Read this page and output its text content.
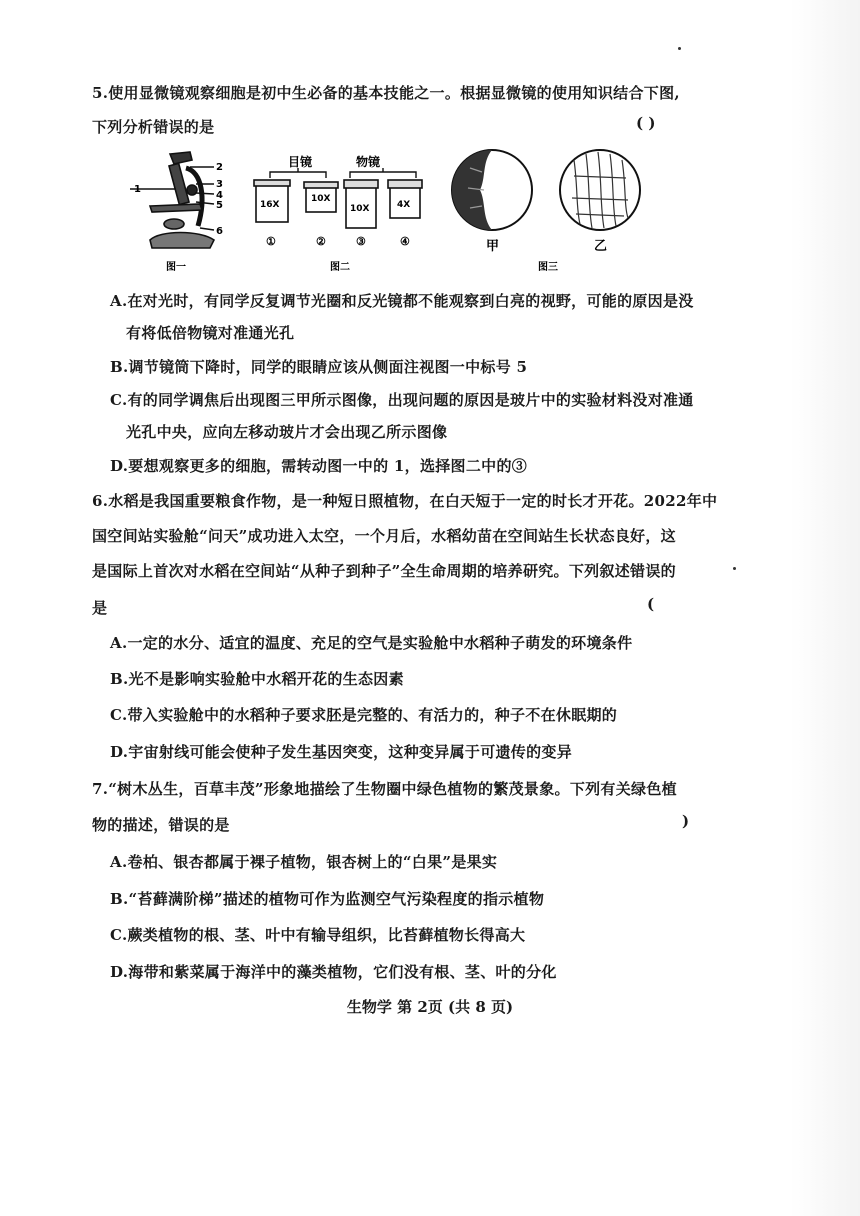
5.使用显微镜观察细胞是初中生必备的基本技能之一。根据显微镜的使用知识结合下图,
下列分析错误的是	( )
1
2
3
4
5
6
图一
目镜	物镜
16X
10X
10X	4X
①	②	③	④
图二
甲	乙
图三
A.在对光时，有同学反复调节光圈和反光镜都不能观察到白亮的视野，可能的原因是没
有将低倍物镜对准通光孔
B.调节镜筒下降时，同学的眼睛应该从侧面注视图一中标号 5
C.有的同学调焦后出现图三甲所示图像，出现问题的原因是玻片中的实验材料没对准通
光孔中央，应向左移动玻片才会出现乙所示图像
D.要想观察更多的细胞，需转动图一中的 1，选择图二中的③
6.水稻是我国重要粮食作物，是一种短日照植物，在白天短于一定的时长才开花。2022年中
国空间站实验舱“问天”成功进入太空，一个月后，水稻幼苗在空间站生长状态良好，这
是国际上首次对水稻在空间站“从种子到种子”全生命周期的培养研究。下列叙述错误的
是	(
A.一定的水分、适宜的温度、充足的空气是实验舱中水稻种子萌发的环境条件
B.光不是影响实验舱中水稻开花的生态因素
C.带入实验舱中的水稻种子要求胚是完整的、有活力的，种子不在休眠期的
D.宇宙射线可能会使种子发生基因突变，这种变异属于可遗传的变异
7.“树木丛生，百草丰茂”形象地描绘了生物圈中绿色植物的繁茂景象。下列有关绿色植
物的描述，错误的是	)
A.卷柏、银杏都属于裸子植物，银杏树上的“白果”是果实
B.“苔藓满阶梯”描述的植物可作为监测空气污染程度的指示植物
C.蕨类植物的根、茎、叶中有输导组织，比苔藓植物长得高大
D.海带和紫菜属于海洋中的藻类植物，它们没有根、茎、叶的分化
生物学 第 2页 (共 8 页)
